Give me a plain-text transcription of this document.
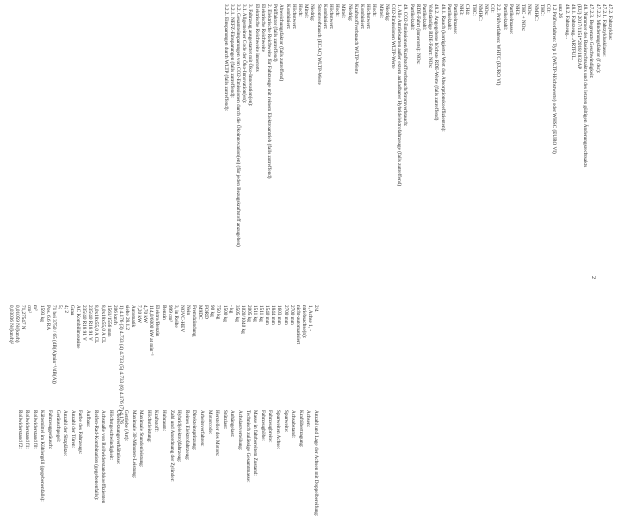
47.2. Fahrzyklus:
47.2.1. Fahrzyklusklasse:
47.2.2. Minderungsfaktor (f dsc):
47.2.3. Begrenzte Geschwindigkeit:
48. Nummer des Basisrechtsakts und des letzten gültigen Änderungsrechtsakts
(EU) 2017/1151*2018/1832AP
48.1. Fahrzeug...ARTFUL.
48.2. Fahrzeug...
unz 26
1.2 Prüfverfahren: Typ 1 (WLTP-Höchstwerte) oder WHSC (EURO VI)
CO:
THC:
NMHC:
NOx:
THC + NOx:
NH3:
Partikelmasse:
Partikelzahl:
2.2. Prüfverfahren: WHTC (EURO VI)
CO:
NOx:
NMHC:
THC:
CH4:
NH3:
Partikelmasse:
Partikelzahl:
48.1. Rauch (korrigierter Wert des Absorptionskoeffizienten):
48.2. Angegebene höchste RDE-Werte (falls zutreffend)
Vollständige RDE-Fahrt: NOx:
Partikelzahl:
RDE-Fahrt (innerorts): NOx:
Partikelzahl:
49. CO2-Emissionen/Kraftstoffverbrauch/Stromverbrauch:
1. Alle Antriebsarten außer extern aufladbarer Hybridelektrofahrzeuge (falls zutreffend)
CO2-Emissionen WLTP-Werte
Niedrig:
Mittel:
Hoch:
Höchstwert:
Kombiniert:
Kraftstoffverbrauch WLTP-Werte
Niedrig:
Mittel:
Hoch:
Höchstwert:
Kombiniert:
Stromverbrauch (ECAC) WLTP-Werte
Niedrig:
Mittel:
Hoch:
Höchstwert:
Kombiniert:
Abweichungsfaktor (falls zutreffend)
Prüffaktor (falls zutreffend)
2. Elektrische Reichweite für Fahrzeuge mit reinem Elektroantrieb (falls zutreffend)
Elektrische Reichweite
Elektrische Reichweite innerorts
3. Fahrzeug ausgestattet mit Öko-Innovation(en):
3.1. Allgemeiner Code der Öko-Innovation(en):
3.2. Gesamteinsparungen von CO2-Emissionen durch die Ökoinnovation(en) (für jeden Bezugskraftstoff anzugeben)
3.2.1. NEFZ-Einsparungen (falls zutreffend):
3.2.2. Einsparungen durch WLTP (falls zutreffend):
2/4
1, Achse 1, -
ntriebsachse(n):
nicht-automatisiert
2700 mm
2700 mm
1603 mm
1844 mm
1540 mm
1511 kg
1511 kg
2005 kg
1020/1040 kg
3505 kg
- kg
1500 kg
750 kg
90 kg
FORD
M9DC
Fremdzündung
Nein
NOVC-HEV
3, in Reihe
999 cm³
Benzin
Elektro/Benzin
114,0/6000 kW at min⁻¹
4,70 kW
7,20 kW
Automatik
siehe 28.1.2
1) 4.176 (3) 4.733 (4) 4.733 (5) 4.733 (6) 4.176 (7) 4.176
206 km/h
1561/1556 mm
8,0x18x55,0 A CL
8,0x18x55,0 A CL
235/40 R18 91 V
235/40 R18 91 V
AC Kombilimousine
Grau
4; 2
5;
71 bei 3750 / 65 (dB(A)min⁻¹/dB(A))
Pos. 6.6 RA
1593 kg
m³
cm²
71,27547 N
0,01059 N/(km/h)
0,03036 N/(km/h)²
Anzahl und Lage der Achsen mit Doppelbereifung:
Achsen:
Kraftübertragung:
Achsabstand:
Spurweite:
Spurweiten Achse:
Fahrzeugbreite:
Fahrzeughöhe:
Masse in fahrbereitem Zustand:
Technisch zulässige Gesamtmasse:
Achslastverteilung:
Anhängelast:
Stützlast:
Hersteller des Motors:
Motorcode:
Arbeitsverfahren:
Direkteinspritzung:
Reines Elektrofahrzeug:
Hybrid(elektro)fahrzeug:
Zahl und Anordnung der Zylinder:
Hubraum:
Kraftstoff:
Höchstleistung:
Maximale Stundenleistung:
Maximale 30-Minuten-Leistung:
Getriebe (Art):
Übersetzungsverhältnisse:
Höchstgeschwindigkeit:
Achsmaße von Rollwiderstandskoeffizienten
Reifen-Rad-Kombination (gegebenenfalls):
Aufbau:
Farbe des Fahrzeugs:
Anzahl der Türen:
Anzahl der Sitzplätze:
Geräuschpegel:
Fahrzeuggeräusch:
Kältemittel im Kühlergrill (gegebenenfalls):
Rollwiderstand f0:
Rollwiderstand f1:
Rollwiderstand f2:
2
